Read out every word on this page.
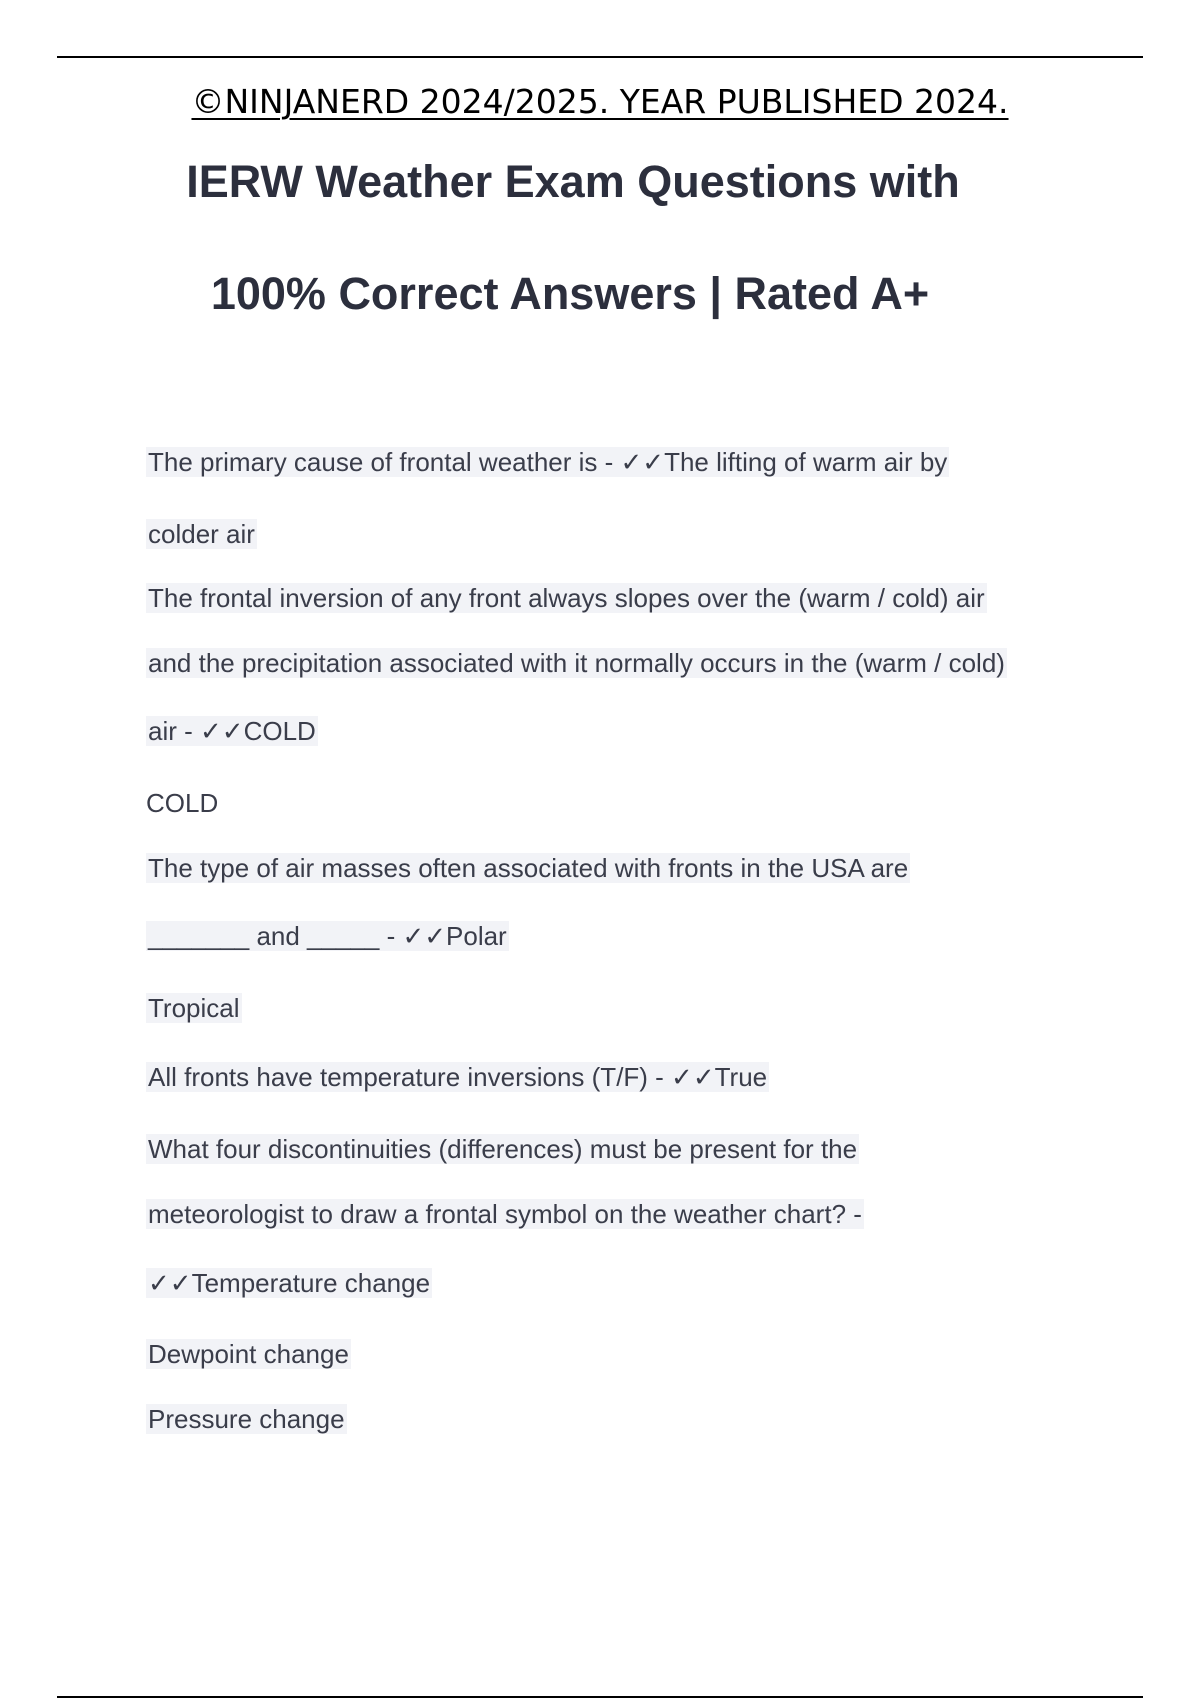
©NINJANERD 2024/2025. YEAR PUBLISHED 2024.
IERW Weather Exam Questions with
100% Correct Answers | Rated A+
The primary cause of frontal weather is - ✓✓The lifting of warm air by
colder air
The frontal inversion of any front always slopes over the (warm / cold) air
and the precipitation associated with it normally occurs in the (warm / cold)
air - ✓✓COLD
COLD
The type of air masses often associated with fronts in the USA are
_______ and _____ - ✓✓Polar
Tropical
All fronts have temperature inversions (T/F) - ✓✓True
What four discontinuities (differences) must be present for the
meteorologist to draw a frontal symbol on the weather chart? -
✓✓Temperature change
Dewpoint change
Pressure change
